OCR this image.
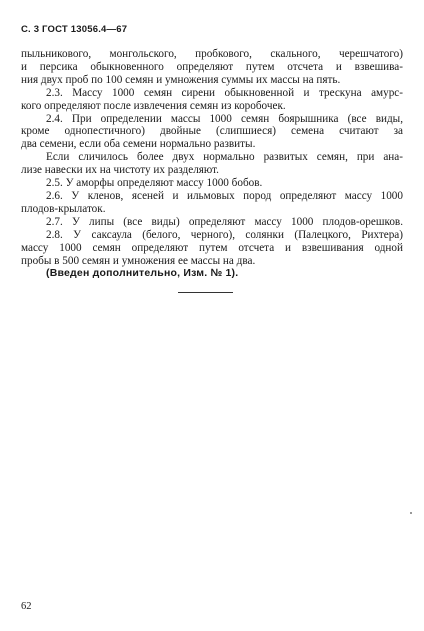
С. 3 ГОСТ 13056.4—67

пыльникового, монгольского, пробкового, скального, черешчатого)

и персика обыкновенного определяют путем отсчета и взвешива-

ния двух проб по 100 семян и умножения суммы их массы на пять.

2.3. Массу 1000 семян сирени обыкновенной и трескуна амурс-

кого определяют после извлечения семян из коробочек.

2.4. При определении массы 1000 семян боярышника (все виды,

кроме однопестичного) двойные (слипшиеся) семена считают за

два семени, если оба семени нормально развиты.

Если сличилось более двух нормально развитых семян, при ана-

лизе навески их на чистоту их разделяют.

2.5. У аморфы определяют массу 1000 бобов.

2.6. У кленов, ясеней и ильмовых пород определяют массу 1000

плодов-крылаток.

2.7. У липы (все виды) определяют массу 1000 плодов-орешков.

2.8. У саксаула (белого, черного), солянки (Палецкого, Рихтера)

массу 1000 семян определяют путем отсчета и взвешивания одной

пробы в 500 семян и умножения ее массы на два.

(Введен дополнительно, Изм. № 1).

62
